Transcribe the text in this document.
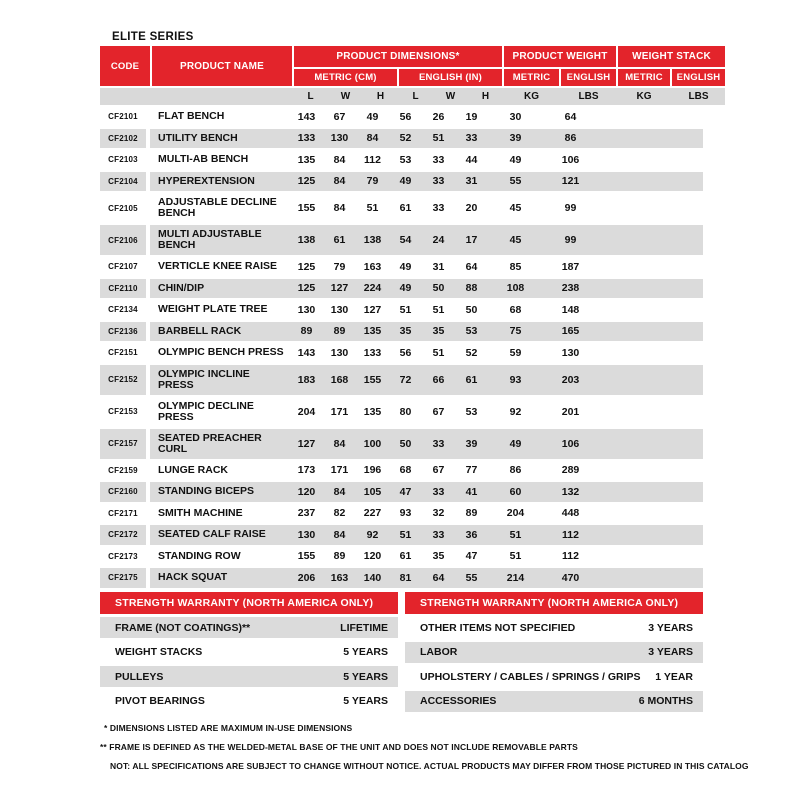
ELITE SERIES
CODE	PRODUCT NAME
PRODUCT DIMENSIONS*	PRODUCT WEIGHT	WEIGHT STACK
METRIC (CM)	ENGLISH (IN)	METRIC	ENGLISH	METRIC	ENGLISH
L	W	H	L	W	H	KG	LBS	KG	LBS
CF2101	FLAT BENCH	143	67	49	56	26	19	30	64
CF2102	UTILITY BENCH	133	130	84	52	51	33	39	86
CF2103	MULTI-AB BENCH	135	84	112	53	33	44	49	106
CF2104	HYPEREXTENSION	125	84	79	49	33	31	55	121
CF2105	ADJUSTABLE DECLINE BENCH	155	84	51	61	33	20	45	99
CF2106	MULTI ADJUSTABLE BENCH	138	61	138	54	24	17	45	99
CF2107	VERTICLE KNEE RAISE	125	79	163	49	31	64	85	187
CF2110	CHIN/DIP	125	127	224	49	50	88	108	238
CF2134	WEIGHT PLATE TREE	130	130	127	51	51	50	68	148
CF2136	BARBELL RACK	89	89	135	35	35	53	75	165
CF2151	OLYMPIC BENCH PRESS	143	130	133	56	51	52	59	130
CF2152	OLYMPIC INCLINE PRESS	183	168	155	72	66	61	93	203
CF2153	OLYMPIC DECLINE PRESS	204	171	135	80	67	53	92	201
CF2157	SEATED PREACHER CURL	127	84	100	50	33	39	49	106
CF2159	LUNGE RACK	173	171	196	68	67	77	86	289
CF2160	STANDING BICEPS	120	84	105	47	33	41	60	132
CF2171	SMITH MACHINE	237	82	227	93	32	89	204	448
CF2172	SEATED CALF RAISE	130	84	92	51	33	36	51	112
CF2173	STANDING ROW	155	89	120	61	35	47	51	112
CF2175	HACK SQUAT	206	163	140	81	64	55	214	470
STRENGTH WARRANTY (NORTH AMERICA ONLY)
FRAME (NOT COATINGS)**	LIFETIME
WEIGHT STACKS	5 YEARS
PULLEYS	5 YEARS
PIVOT BEARINGS	5 YEARS
STRENGTH WARRANTY (NORTH AMERICA ONLY)
OTHER ITEMS NOT SPECIFIED	3 YEARS
LABOR	3 YEARS
UPHOLSTERY / CABLES / SPRINGS / GRIPS 1 YEAR
ACCESSORIES	6 MONTHS
* DIMENSIONS LISTED ARE MAXIMUM IN-USE DIMENSIONS
** FRAME IS DEFINED AS THE WELDED-METAL BASE OF THE UNIT AND DOES NOT INCLUDE REMOVABLE PARTS
NOT: ALL SPECIFICATIONS ARE SUBJECT TO CHANGE WITHOUT NOTICE. ACTUAL PRODUCTS MAY DIFFER FROM THOSE PICTURED IN THIS CATALOG
